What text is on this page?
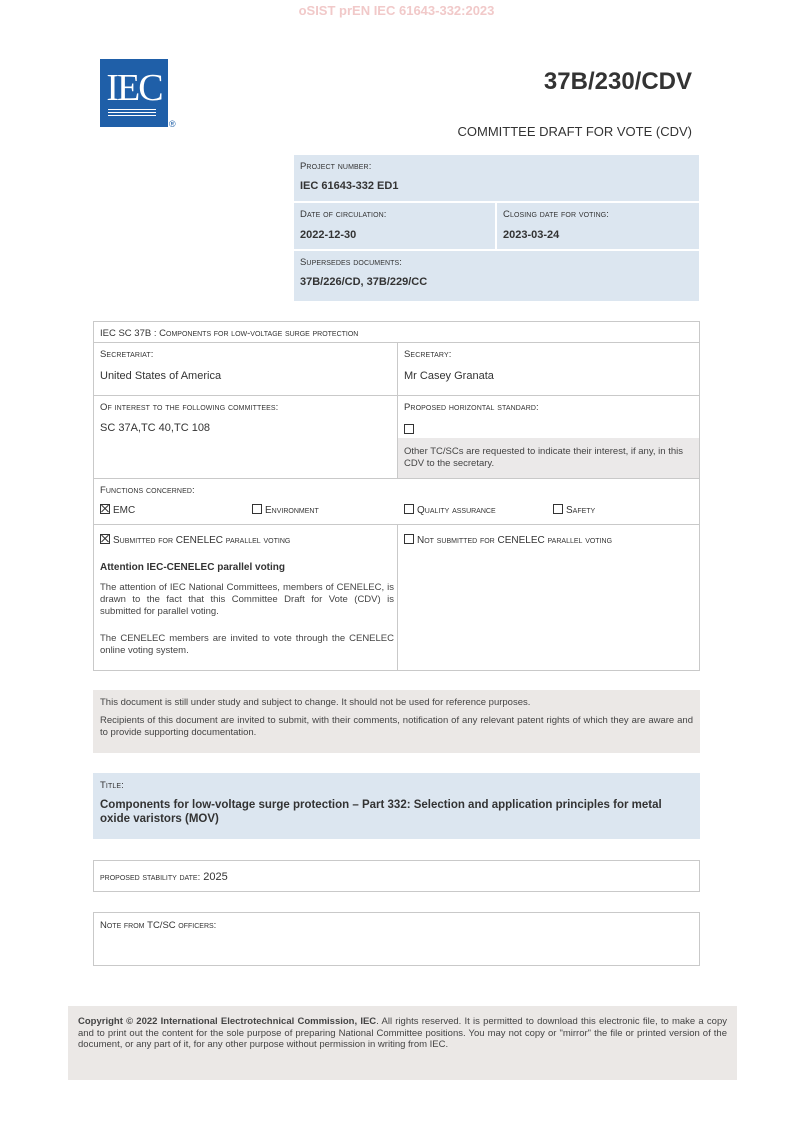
oSIST prEN IEC 61643-332:2023
IEC
®
37B/230/CDV
COMMITTEE DRAFT FOR VOTE (CDV)
Project number:
IEC 61643-332 ED1
Date of circulation:
2022-12-30
Closing date for voting:
2023-03-24
Supersedes documents:
37B/226/CD, 37B/229/CC
IEC SC 37B : Components for low-voltage surge protection
Secretariat:
United States of America
Secretary:
Mr Casey Granata
Of interest to the following committees:
SC 37A,TC 40,TC 108
Proposed horizontal standard:
Other TC/SCs are requested to indicate their interest, if any, in this CDV to the secretary.
Functions concerned:
EMC	Environment	Quality assurance	Safety
Submitted for CENELEC parallel voting	Not submitted for CENELEC parallel voting
Attention IEC-CENELEC parallel voting
The attention of IEC National Committees, members of CENELEC, is drawn to the fact that this Committee Draft for Vote (CDV) is submitted for parallel voting.
The CENELEC members are invited to vote through the CENELEC online voting system.
This document is still under study and subject to change. It should not be used for reference purposes.
Recipients of this document are invited to submit, with their comments, notification of any relevant patent rights of which they are aware and to provide supporting documentation.
Title:
Components for low-voltage surge protection – Part 332: Selection and application principles for metal oxide varistors (MOV)
proposed stability date: 2025
Note from TC/SC officers:
Copyright © 2022 International Electrotechnical Commission, IEC. All rights reserved. It is permitted to download this electronic file, to make a copy and to print out the content for the sole purpose of preparing National Committee positions. You may not copy or "mirror" the file or printed version of the document, or any part of it, for any other purpose without permission in writing from IEC.
